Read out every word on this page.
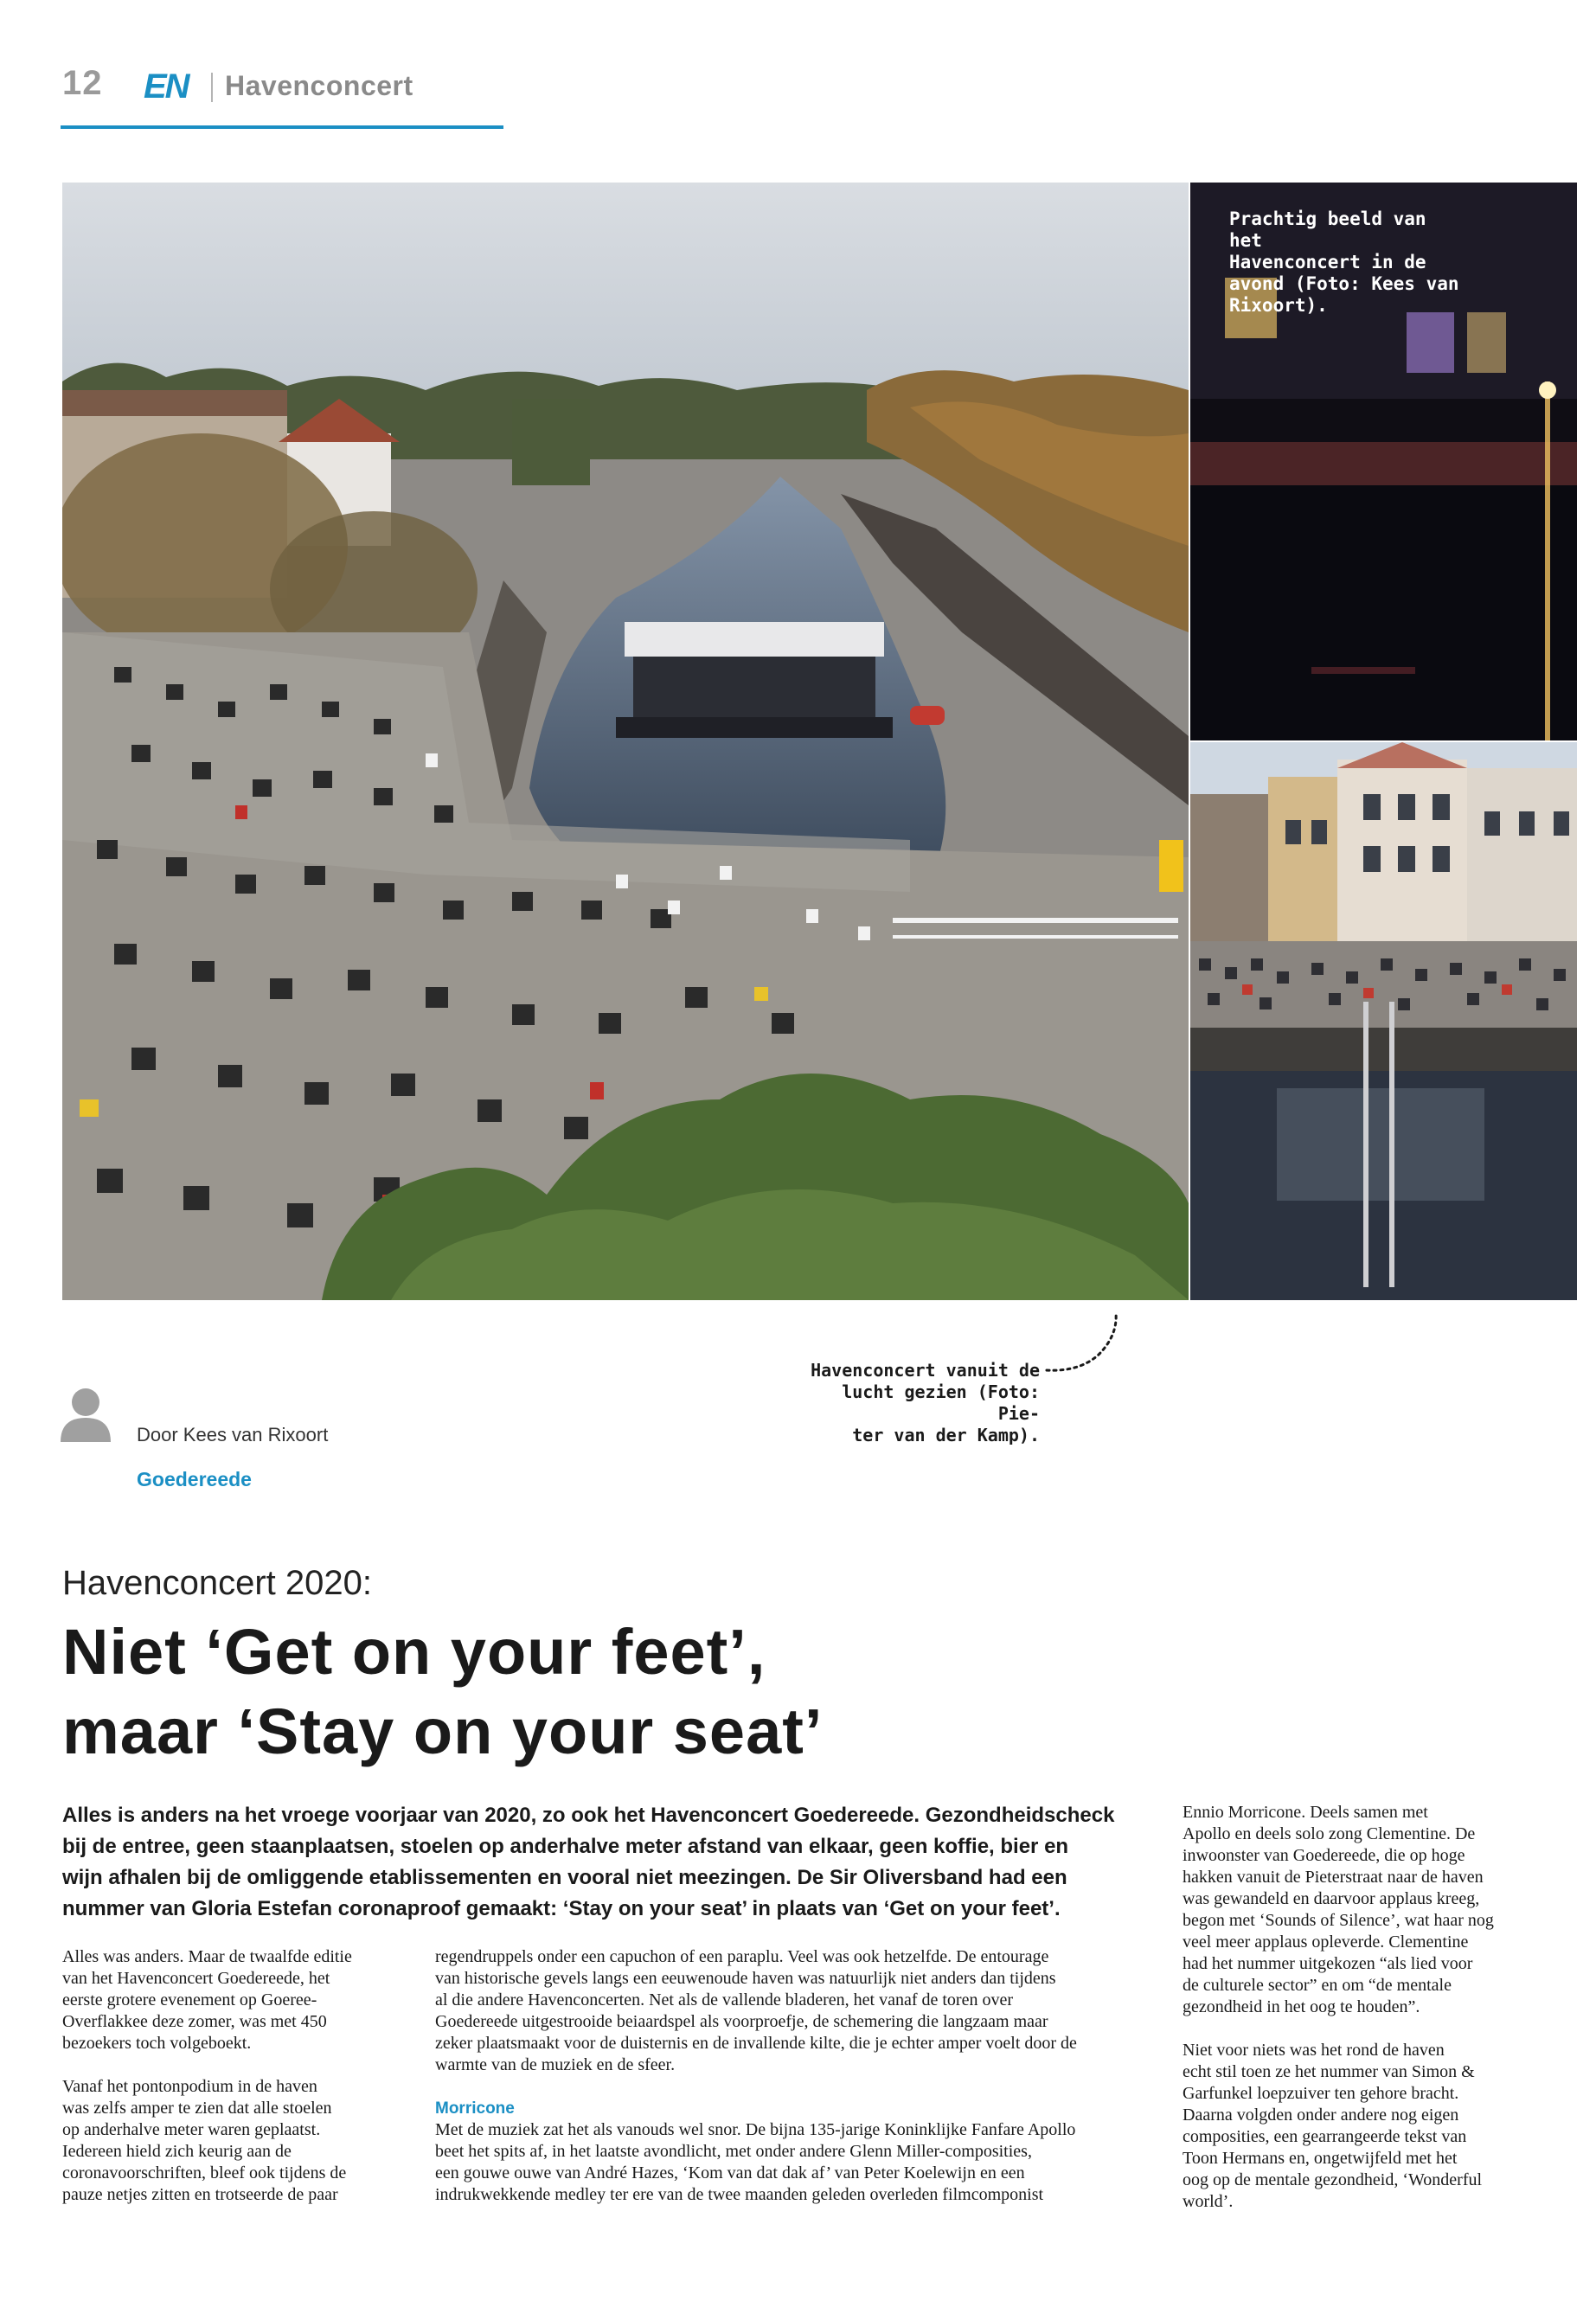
12 EN Havenconcert
Prachtig beeld van het
Havenconcert in de
avond (Foto: Kees van
Rixoort).
Havenconcert vanuit de
lucht gezien (Foto: Pie-
ter van der Kamp).
Door Kees van Rixoort
Goedereede
Havenconcert 2020:
Niet ‘Get on your feet’,
maar ‘Stay on your seat’
Alles is anders na het vroege voorjaar van 2020, zo ook het Havenconcert Goedereede. Gezondheidscheck
bij de entree, geen staanplaatsen, stoelen op anderhalve meter afstand van elkaar, geen koffie, bier en
wijn afhalen bij de omliggende etablissementen en vooral niet meezingen. De Sir Oliversband had een
nummer van Gloria Estefan coronaproof gemaakt: ‘Stay on your seat’ in plaats van ‘Get on your feet’.

Alles was anders. Maar de twaalfde editie
van het Havenconcert Goedereede, het
eerste grotere evenement op Goeree-
Overflakkee deze zomer, was met 450
bezoekers toch volgeboekt.

Vanaf het pontonpodium in de haven
was zelfs amper te zien dat alle stoelen
op anderhalve meter waren geplaatst.
Iedereen hield zich keurig aan de
coronavoorschriften, bleef ook tijdens de
pauze netjes zitten en trotseerde de paar

regendruppels onder een capuchon of een paraplu. Veel was ook hetzelfde. De entourage
van historische gevels langs een eeuwenoude haven was natuurlijk niet anders dan tijdens
al die andere Havenconcerten. Net als de vallende bladeren, het vanaf de toren over
Goedereede uitgestrooide beiaardspel als voorproefje, de schemering die langzaam maar
zeker plaatsmaakt voor de duisternis en de invallende kilte, die je echter amper voelt door de
warmte van de muziek en de sfeer.

Morricone

Met de muziek zat het als vanouds wel snor. De bijna 135-jarige Koninklijke Fanfare Apollo
beet het spits af, in het laatste avondlicht, met onder andere Glenn Miller-composities,
een gouwe ouwe van André Hazes, ‘Kom van dat dak af’ van Peter Koelewijn en een
indrukwekkende medley ter ere van de twee maanden geleden overleden filmcomponist

Ennio Morricone. Deels samen met
Apollo en deels solo zong Clementine. De
inwoonster van Goedereede, die op hoge
hakken vanuit de Pieterstraat naar de haven
was gewandeld en daarvoor applaus kreeg,
begon met ‘Sounds of Silence’, wat haar nog
veel meer applaus opleverde. Clementine
had het nummer uitgekozen “als lied voor
de culturele sector” en om “de mentale
gezondheid in het oog te houden”.

Niet voor niets was het rond de haven
echt stil toen ze het nummer van Simon &
Garfunkel loepzuiver ten gehore bracht.
Daarna volgden onder andere nog eigen
composities, een gearrangeerde tekst van
Toon Hermans en, ongetwijfeld met het
oog op de mentale gezondheid, ‘Wonderful
world’.
